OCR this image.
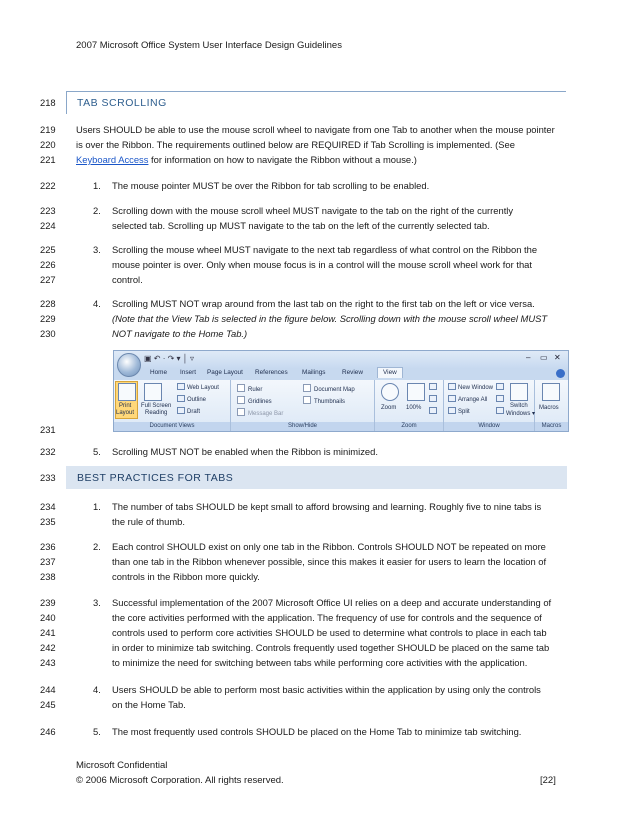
2007 Microsoft Office System User Interface Design Guidelines
218 TAB SCROLLING
219 Users SHOULD be able to use the mouse scroll wheel to navigate from one Tab to another when the mouse pointer
220 is over the Ribbon. The requirements outlined below are REQUIRED if Tab Scrolling is implemented. (See
221 Keyboard Access for information on how to navigate the Ribbon without a mouse.)
222	1. The mouse pointer MUST be over the Ribbon for tab scrolling to be enabled.
223	2. Scrolling down with the mouse scroll wheel MUST navigate to the tab on the right of the currently
224	selected tab. Scrolling up MUST navigate to the tab on the left of the currently selected tab.
225	3. Scrolling the mouse wheel MUST navigate to the next tab regardless of what control on the Ribbon the
226	mouse pointer is over. Only when mouse focus is in a control will the mouse scroll wheel work for that
227	control.
228	4. Scrolling MUST NOT wrap around from the last tab on the right to the first tab on the left or vice versa.
229	(Note that the View Tab is selected in the figure below. Scrolling down with the mouse scroll wheel MUST
230	NOT navigate to the Home Tab.)
▣ ↶ · ↷ ▾ │ ▿	– ▭ ✕
Home Insert Page Layout References Mailings	Review	View
Print
Layout
Full Screen
Reading
Web Layout
Outline
Draft
Document Views
Ruler
Gridlines
Message Bar
Document Map
Thumbnails
Show/Hide
Zoom 100%
Zoom
New Window
Arrange All
Split
Switch
Windows ▾
Window
Macros
Macros
231
232	5. Scrolling MUST NOT be enabled when the Ribbon is minimized.
233 BEST PRACTICES FOR TABS
234	1. The number of tabs SHOULD be kept small to afford browsing and learning. Roughly five to nine tabs is
235	the rule of thumb.
236	2. Each control SHOULD exist on only one tab in the Ribbon. Controls SHOULD NOT be repeated on more
237	than one tab in the Ribbon whenever possible, since this makes it easier for users to learn the location of
238	controls in the Ribbon more quickly.
239	3. Successful implementation of the 2007 Microsoft Office UI relies on a deep and accurate understanding of
240	the core activities performed with the application. The frequency of use for controls and the sequence of
241	controls used to perform core activities SHOULD be used to determine what controls to place in each tab
242	in order to minimize tab switching. Controls frequently used together SHOULD be placed on the same tab
243	to minimize the need for switching between tabs while performing core activities with the application.
244	4. Users SHOULD be able to perform most basic activities within the application by using only the controls
245	on the Home Tab.
246	5. The most frequently used controls SHOULD be placed on the Home Tab to minimize tab switching.
Microsoft Confidential
© 2006 Microsoft Corporation. All rights reserved.	[22]
